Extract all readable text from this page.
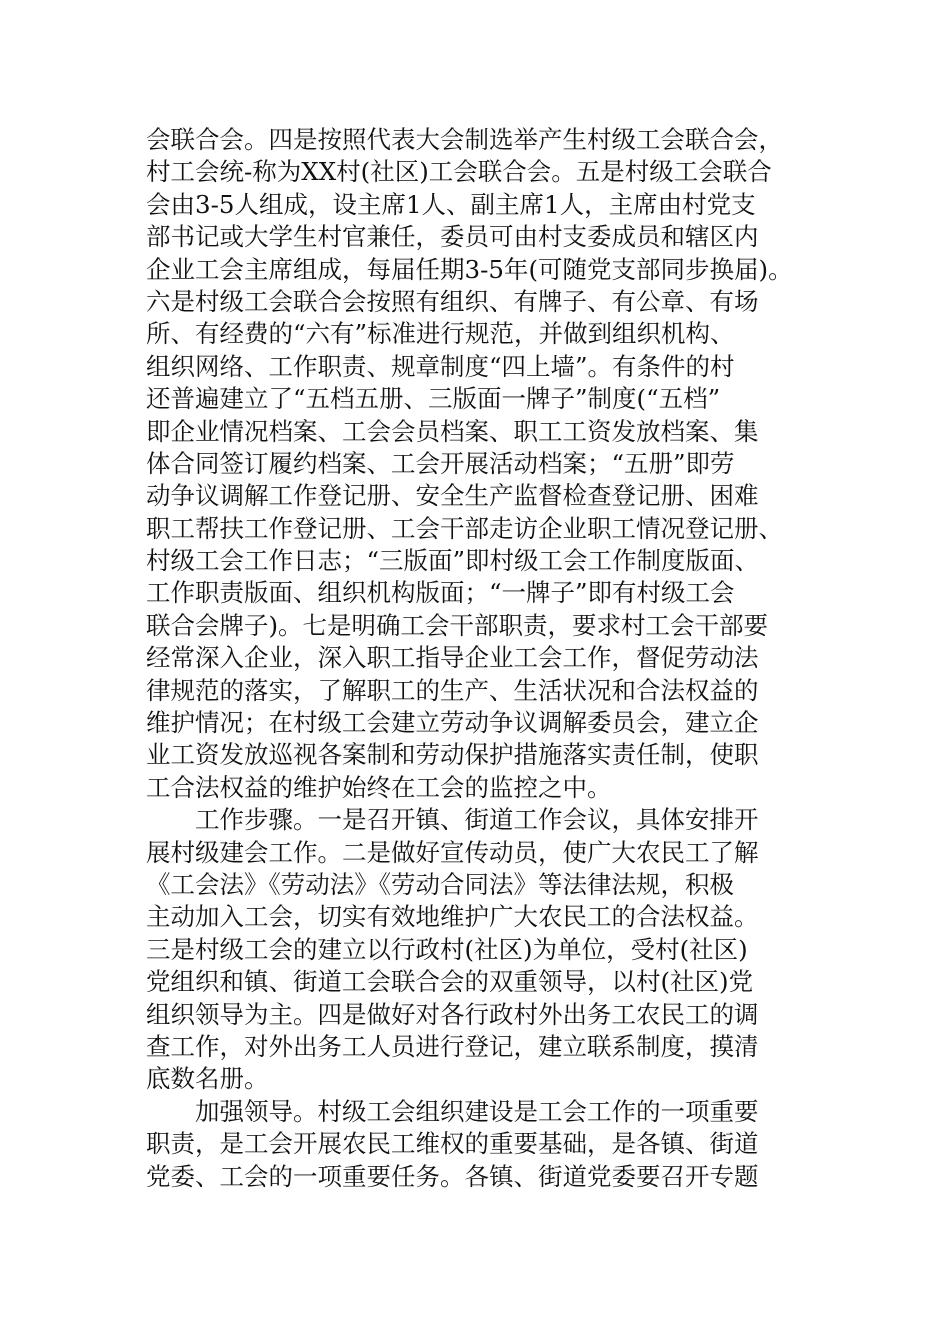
会联合会。四是按照代表大会制选举产生村级工会联合会，
村工会统-称为XX村(社区)工会联合会。五是村级工会联合
会由3-5人组成，设主席1人、副主席1人，主席由村党支
部书记或大学生村官兼任，委员可由村支委成员和辖区内
企业工会主席组成，每届任期3-5年(可随党支部同步换届)。
六是村级工会联合会按照有组织、有牌子、有公章、有场
所、有经费的“六有”标准进行规范，并做到组织机构、
组织网络、工作职责、规章制度“四上墙”。有条件的村
还普遍建立了“五档五册、三版面一牌子”制度(“五档”
即企业情况档案、工会会员档案、职工工资发放档案、集
体合同签订履约档案、工会开展活动档案；“五册”即劳
动争议调解工作登记册、安全生产监督检查登记册、困难
职工帮扶工作登记册、工会干部走访企业职工情况登记册、
村级工会工作日志；“三版面”即村级工会工作制度版面、
工作职责版面、组织机构版面；“一牌子”即有村级工会
联合会牌子)。七是明确工会干部职责，要求村工会干部要
经常深入企业，深入职工指导企业工会工作，督促劳动法
律规范的落实，了解职工的生产、生活状况和合法权益的
维护情况；在村级工会建立劳动争议调解委员会，建立企
业工资发放巡视各案制和劳动保护措施落实责任制，使职
工合法权益的维护始终在工会的监控之中。
工作步骤。一是召开镇、街道工作会议，具体安排开
展村级建会工作。二是做好宣传动员，使广大农民工了解
《工会法》《劳动法》《劳动合同法》等法律法规，积极
主动加入工会，切实有效地维护广大农民工的合法权益。
三是村级工会的建立以行政村(社区)为单位，受村(社区)
党组织和镇、街道工会联合会的双重领导，以村(社区)党
组织领导为主。四是做好对各行政村外出务工农民工的调
查工作，对外出务工人员进行登记，建立联系制度，摸清
底数名册。
加强领导。村级工会组织建设是工会工作的一项重要
职责，是工会开展农民工维权的重要基础，是各镇、街道
党委、工会的一项重要任务。各镇、街道党委要召开专题
